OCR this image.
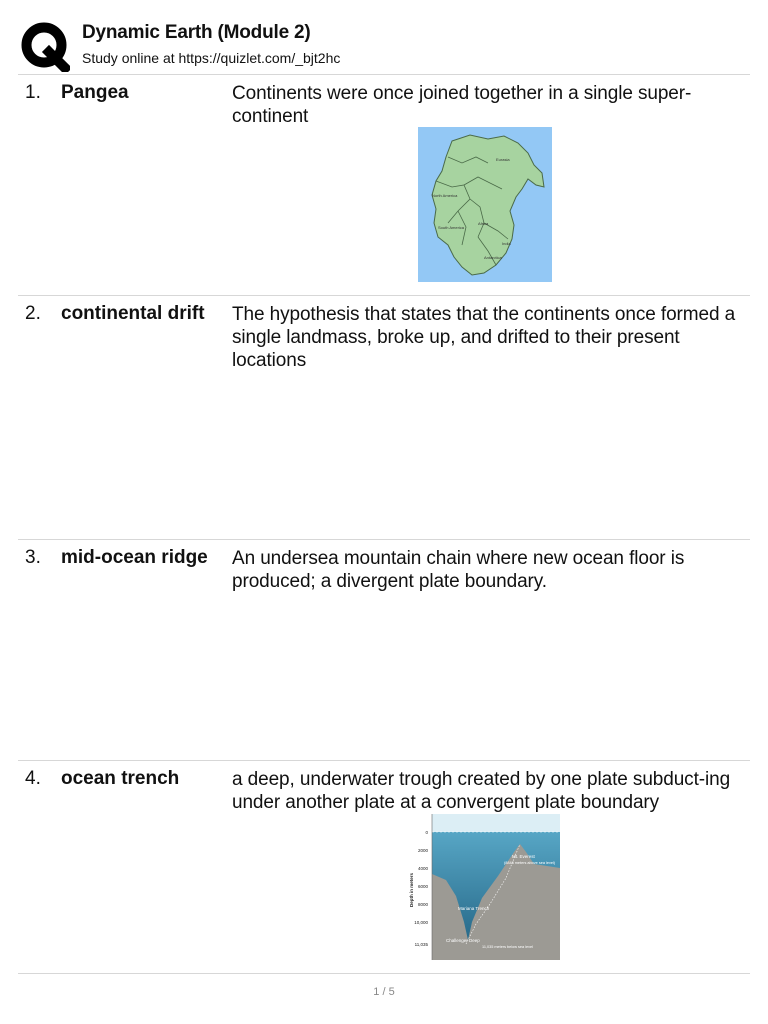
Dynamic Earth (Module 2)
Study online at https://quizlet.com/_bjt2hc
1. Pangea	Continents were once joined together in a single super-continent
Eurasia
North America
South America
Africa
India
Antarctica
2. continental drift The hypothesis that states that the continents once formed a single landmass, broke up, and drifted to their present locations
3. mid-ocean ridge An undersea mountain chain where new ocean floor is produced; a divergent plate boundary.
4. ocean trench	a deep, underwater trough created by one plate subduct-ing under another plate at a convergent plate boundary
0
2000
4000
6000
8000
10,000
11,035
Depth in meters
Mt. Everest
(8848 meters above sea level)
Mariana Trench
Challenger Deep
11,035 meters below sea level
1 / 5
